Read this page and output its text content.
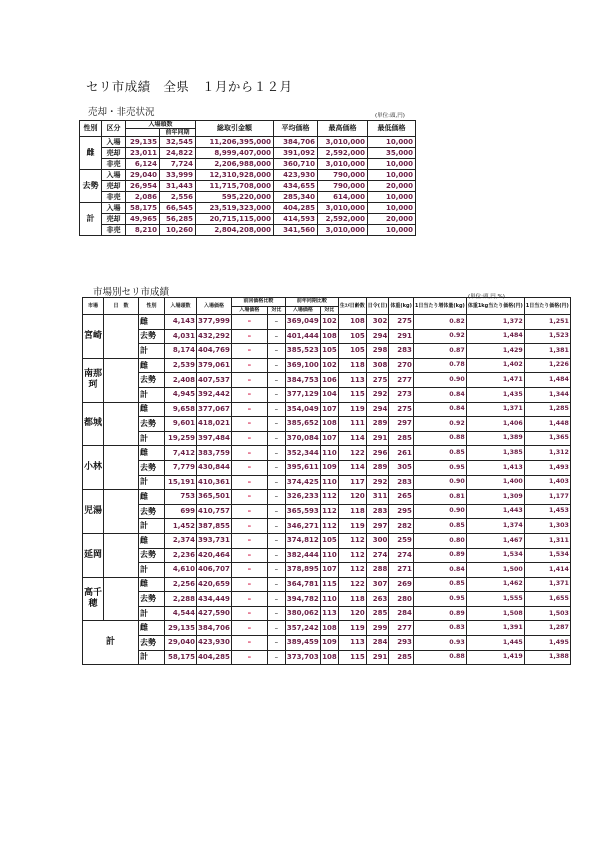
セリ市成績　全県　１月から１２月
売却・非売状況	(単位:頭,円)
性別	区分	入場頭数		総取引金額	平均価格	最高価格	最低価格
			前年同期				
雌	入場	29,135	32,545	11,206,395,000	384,706	3,010,000	10,000
	売却	23,011	24,822	8,999,407,000	391,092	2,592,000	35,000
	非売	6,124	7,724	2,206,988,000	360,710	3,010,000	10,000
去勢	入場	29,040	33,999	12,310,928,000	423,930	790,000	10,000
	売却	26,954	31,443	11,715,708,000	434,655	790,000	20,000
	非売	2,086	2,556	595,220,000	285,340	614,000	10,000
計	入場	58,175	66,545	23,519,323,000	404,285	3,010,000	10,000
	売却	49,965	56,285	20,715,115,000	414,593	2,592,000	20,000
	非売	8,210	10,260	2,804,208,000	341,560	3,010,000	10,000
市場別セリ市成績	(単位:頭,円,%)
市場	日　数	性別	入場頭数	入場価格	前回価格比較		前年同期比較		生ｺﾒ日齢数	日令(日)	体重(kg)	1日当たり増体量(kg)	体重1kg当たり価格(円)	1日当たり価格(円)
					入場価格	対比	入場価格	対比						
宮崎		雌	4,143	377,999	–	–	369,049	102	108	302	275	0.82	1,372	1,251
		去勢	4,031	432,292	–	–	401,444	108	105	294	291	0.92	1,484	1,523
		計	8,174	404,769	–	–	385,523	105	105	298	283	0.87	1,429	1,381
南那珂		雌	2,539	379,061	–	–	369,100	102	118	308	270	0.78	1,402	1,226
		去勢	2,408	407,537	–	–	384,753	106	113	275	277	0.90	1,471	1,484
		計	4,945	392,442	–	–	377,129	104	115	292	273	0.84	1,435	1,344
都城		雌	9,658	377,067	–	–	354,049	107	119	294	275	0.84	1,371	1,285
		去勢	9,601	418,021	–	–	385,652	108	111	289	297	0.92	1,406	1,448
		計	19,259	397,484	–	–	370,084	107	114	291	285	0.88	1,389	1,365
小林		雌	7,412	383,759	–	–	352,344	110	122	296	261	0.85	1,385	1,312
		去勢	7,779	430,844	–	–	395,611	109	114	289	305	0.95	1,413	1,493
		計	15,191	410,361	–	–	374,425	110	117	292	283	0.90	1,400	1,403
児湯		雌	753	365,501	–	–	326,233	112	120	311	265	0.81	1,309	1,177
		去勢	699	410,757	–	–	365,593	112	118	283	295	0.90	1,443	1,453
		計	1,452	387,855	–	–	346,271	112	119	297	282	0.85	1,374	1,303
延岡		雌	2,374	393,731	–	–	374,812	105	112	300	259	0.80	1,467	1,311
		去勢	2,236	420,464	–	–	382,444	110	112	274	274	0.89	1,534	1,534
		計	4,610	406,707	–	–	378,895	107	112	288	271	0.84	1,500	1,414
高千穂		雌	2,256	420,659	–	–	364,781	115	122	307	269	0.85	1,462	1,371
		去勢	2,288	434,449	–	–	394,782	110	118	263	280	0.95	1,555	1,655
		計	4,544	427,590	–	–	380,062	113	120	285	284	0.89	1,508	1,503
計		雌	29,135	384,706	–	–	357,242	108	119	299	277	0.83	1,391	1,287
		去勢	29,040	423,930	–	–	389,459	109	113	284	293	0.93	1,445	1,495
		計	58,175	404,285	–	–	373,703	108	115	291	285	0.88	1,419	1,388
